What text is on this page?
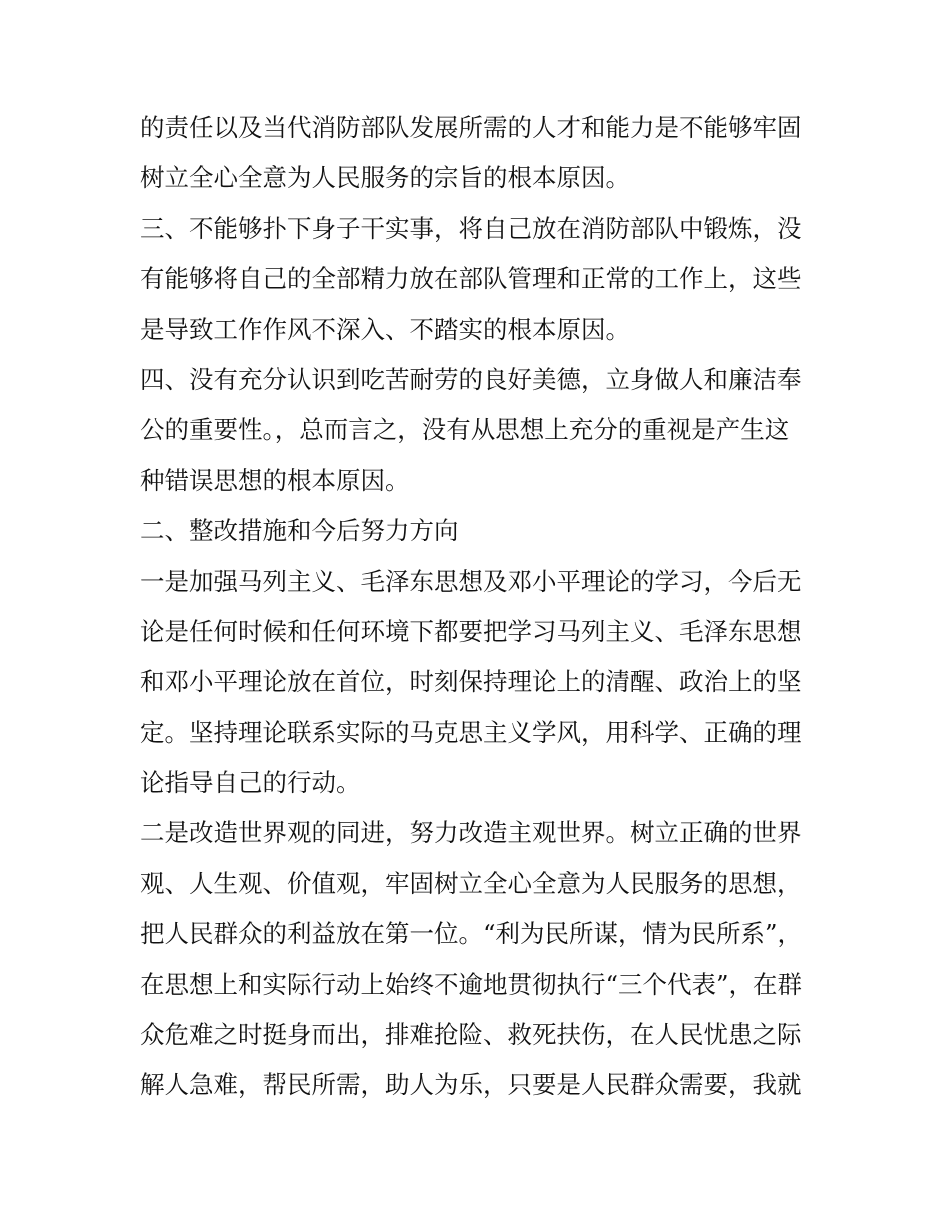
的责任以及当代消防部队发展所需的人才和能力是不能够牢固
树立全心全意为人民服务的宗旨的根本原因。
三、不能够扑下身子干实事，将自己放在消防部队中锻炼，没
有能够将自己的全部精力放在部队管理和正常的工作上，这些
是导致工作作风不深入、不踏实的根本原因。
四、没有充分认识到吃苦耐劳的良好美德，立身做人和廉洁奉
公的重要性。，总而言之，没有从思想上充分的重视是产生这
种错误思想的根本原因。
二、整改措施和今后努力方向
一是加强马列主义、毛泽东思想及邓小平理论的学习，今后无
论是任何时候和任何环境下都要把学习马列主义、毛泽东思想
和邓小平理论放在首位，时刻保持理论上的清醒、政治上的坚
定。坚持理论联系实际的马克思主义学风，用科学、正确的理
论指导自己的行动。
二是改造世界观的同进，努力改造主观世界。树立正确的世界
观、人生观、价值观，牢固树立全心全意为人民服务的思想，
把人民群众的利益放在第一位。“利为民所谋，情为民所系”，
在思想上和实际行动上始终不逾地贯彻执行“三个代表”，在群
众危难之时挺身而出，排难抢险、救死扶伤，在人民忧患之际
解人急难，帮民所需，助人为乐，只要是人民群众需要，我就
